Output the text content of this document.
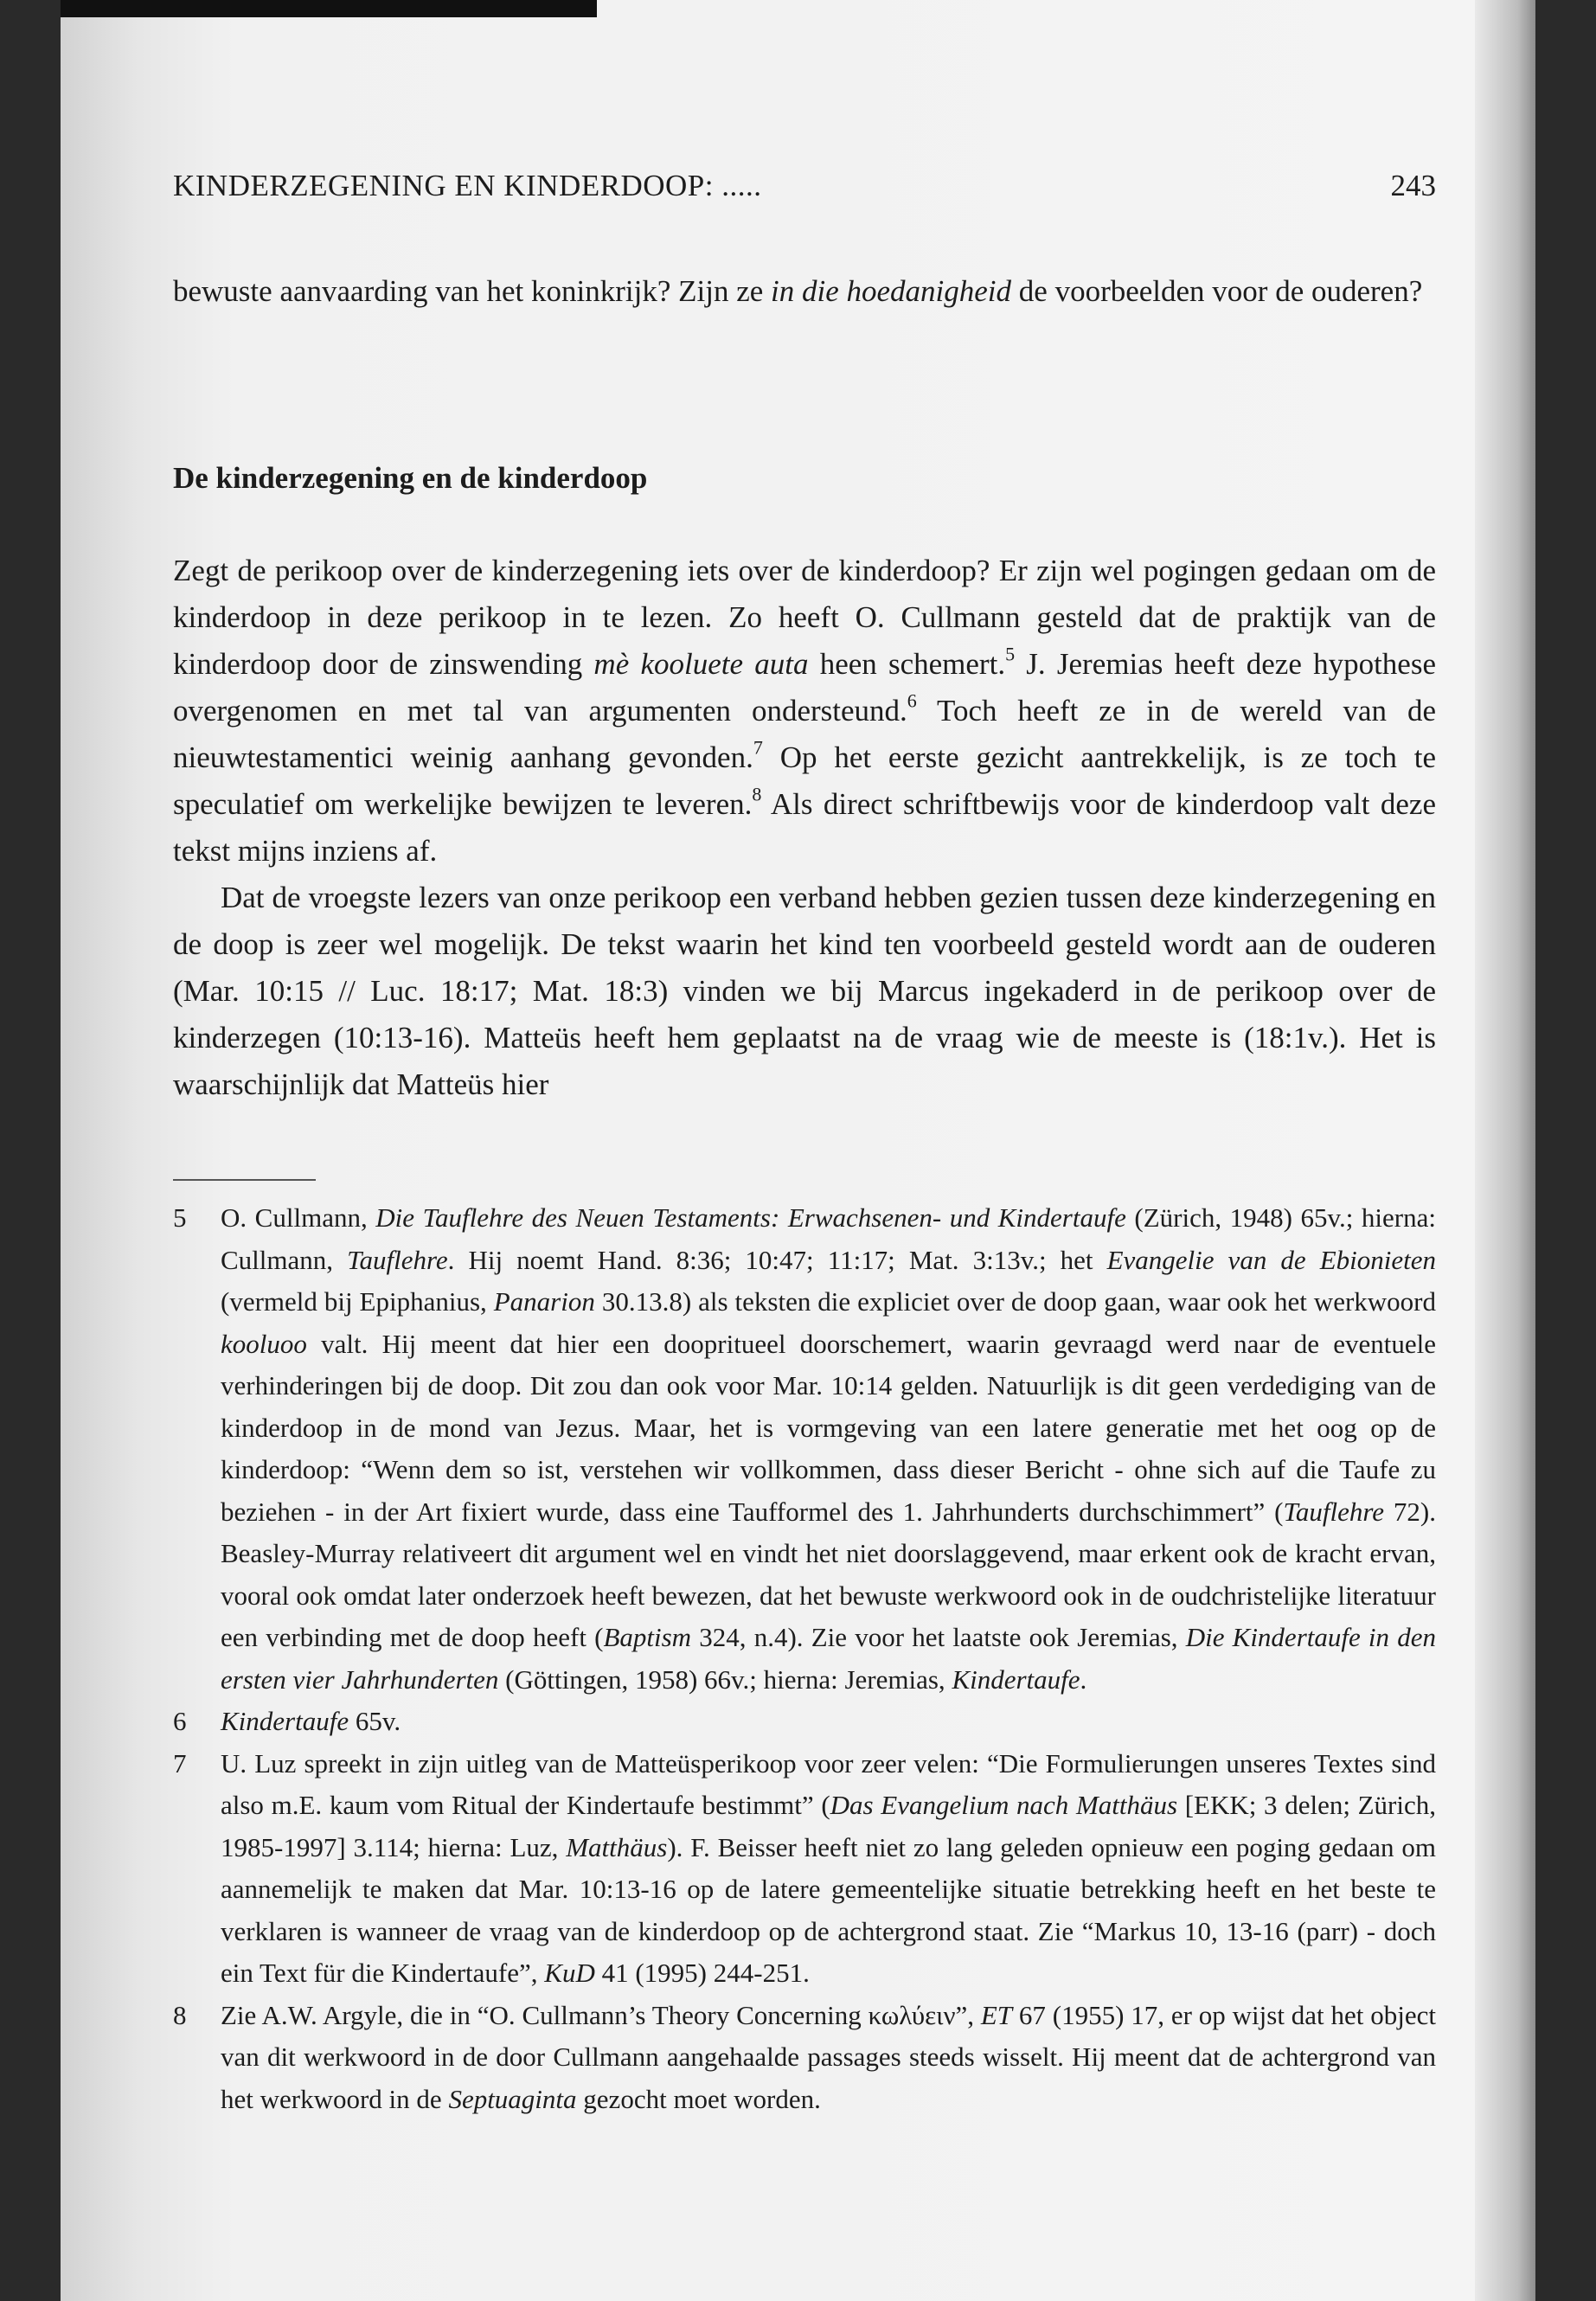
KINDERZEGENING EN KINDERDOOP: .....	243
bewuste aanvaarding van het koninkrijk? Zijn ze in die hoedanigheid de voorbeelden voor de ouderen?
De kinderzegening en de kinderdoop

Zegt de perikoop over de kinderzegening iets over de kinderdoop? Er zijn wel pogingen gedaan om de kinderdoop in deze perikoop in te lezen. Zo heeft O. Cullmann gesteld dat de praktijk van de kinderdoop door de zinswending mè kooluete auta heen schemert.$^5$ J. Jeremias heeft deze hypothese overgenomen en met tal van argumenten ondersteund.$^6$ Toch heeft ze in de wereld van de nieuwtestamentici weinig aanhang gevonden.$^7$ Op het eerste gezicht aantrekkelijk, is ze toch te speculatief om werkelijke bewijzen te leveren.$^8$ Als direct schriftbewijs voor de kinderdoop valt deze tekst mijns inziens af.

Dat de vroegste lezers van onze perikoop een verband hebben gezien tussen deze kinderzegening en de doop is zeer wel mogelijk. De tekst waarin het kind ten voorbeeld gesteld wordt aan de ouderen (Mar. 10:15 // Luc. 18:17; Mat. 18:3) vinden we bij Marcus ingekaderd in de perikoop over de kinderzegen (10:13-16). Matteüs heeft hem geplaatst na de vraag wie de meeste is (18:1v.). Het is waarschijnlijk dat Matteüs hier

5	O. Cullmann, Die Tauflehre des Neuen Testaments: Erwachsenen- und Kindertaufe (Zürich, 1948) 65v.; hierna: Cullmann, Tauflehre. Hij noemt Hand. 8:36; 10:47; 11:17; Mat. 3:13v.; het Evangelie van de Ebionieten (vermeld bij Epiphanius, Panarion 30.13.8) als teksten die expliciet over de doop gaan, waar ook het werkwoord kooluoo valt. Hij meent dat hier een doopritueel doorschemert, waarin gevraagd werd naar de eventuele verhinderingen bij de doop. Dit zou dan ook voor Mar. 10:14 gelden. Natuurlijk is dit geen verdediging van de kinderdoop in de mond van Jezus. Maar, het is vormgeving van een latere generatie met het oog op de kinderdoop: “Wenn dem so ist, verstehen wir vollkommen, dass dieser Bericht - ohne sich auf die Taufe zu beziehen - in der Art fixiert wurde, dass eine Taufformel des 1. Jahrhunderts durchschimmert” (Tauflehre 72). Beasley-Murray relativeert dit argument wel en vindt het niet doorslaggevend, maar erkent ook de kracht ervan, vooral ook omdat later onderzoek heeft bewezen, dat het bewuste werkwoord ook in de oudchristelijke literatuur een verbinding met de doop heeft (Baptism 324, n.4). Zie voor het laatste ook Jeremias, Die Kindertaufe in den ersten vier Jahrhunderten (Göttingen, 1958) 66v.; hierna: Jeremias, Kindertaufe.
6	Kindertaufe 65v.
7	U. Luz spreekt in zijn uitleg van de Matteüsperikoop voor zeer velen: “Die Formulierungen unseres Textes sind also m.E. kaum vom Ritual der Kindertaufe bestimmt” (Das Evangelium nach Matthäus [EKK; 3 delen; Zürich, 1985-1997] 3.114; hierna: Luz, Matthäus). F. Beisser heeft niet zo lang geleden opnieuw een poging gedaan om aannemelijk te maken dat Mar. 10:13-16 op de latere gemeentelijke situatie betrekking heeft en het beste te verklaren is wanneer de vraag van de kinderdoop op de achtergrond staat. Zie “Markus 10, 13-16 (parr) - doch ein Text für die Kindertaufe”, KuD 41 (1995) 244-251.
8	Zie A.W. Argyle, die in “O. Cullmann’s Theory Concerning κωλύειν”, ET 67 (1955) 17, er op wijst dat het object van dit werkwoord in de door Cullmann aangehaalde passages steeds wisselt. Hij meent dat de achtergrond van het werkwoord in de Septuaginta gezocht moet worden.
